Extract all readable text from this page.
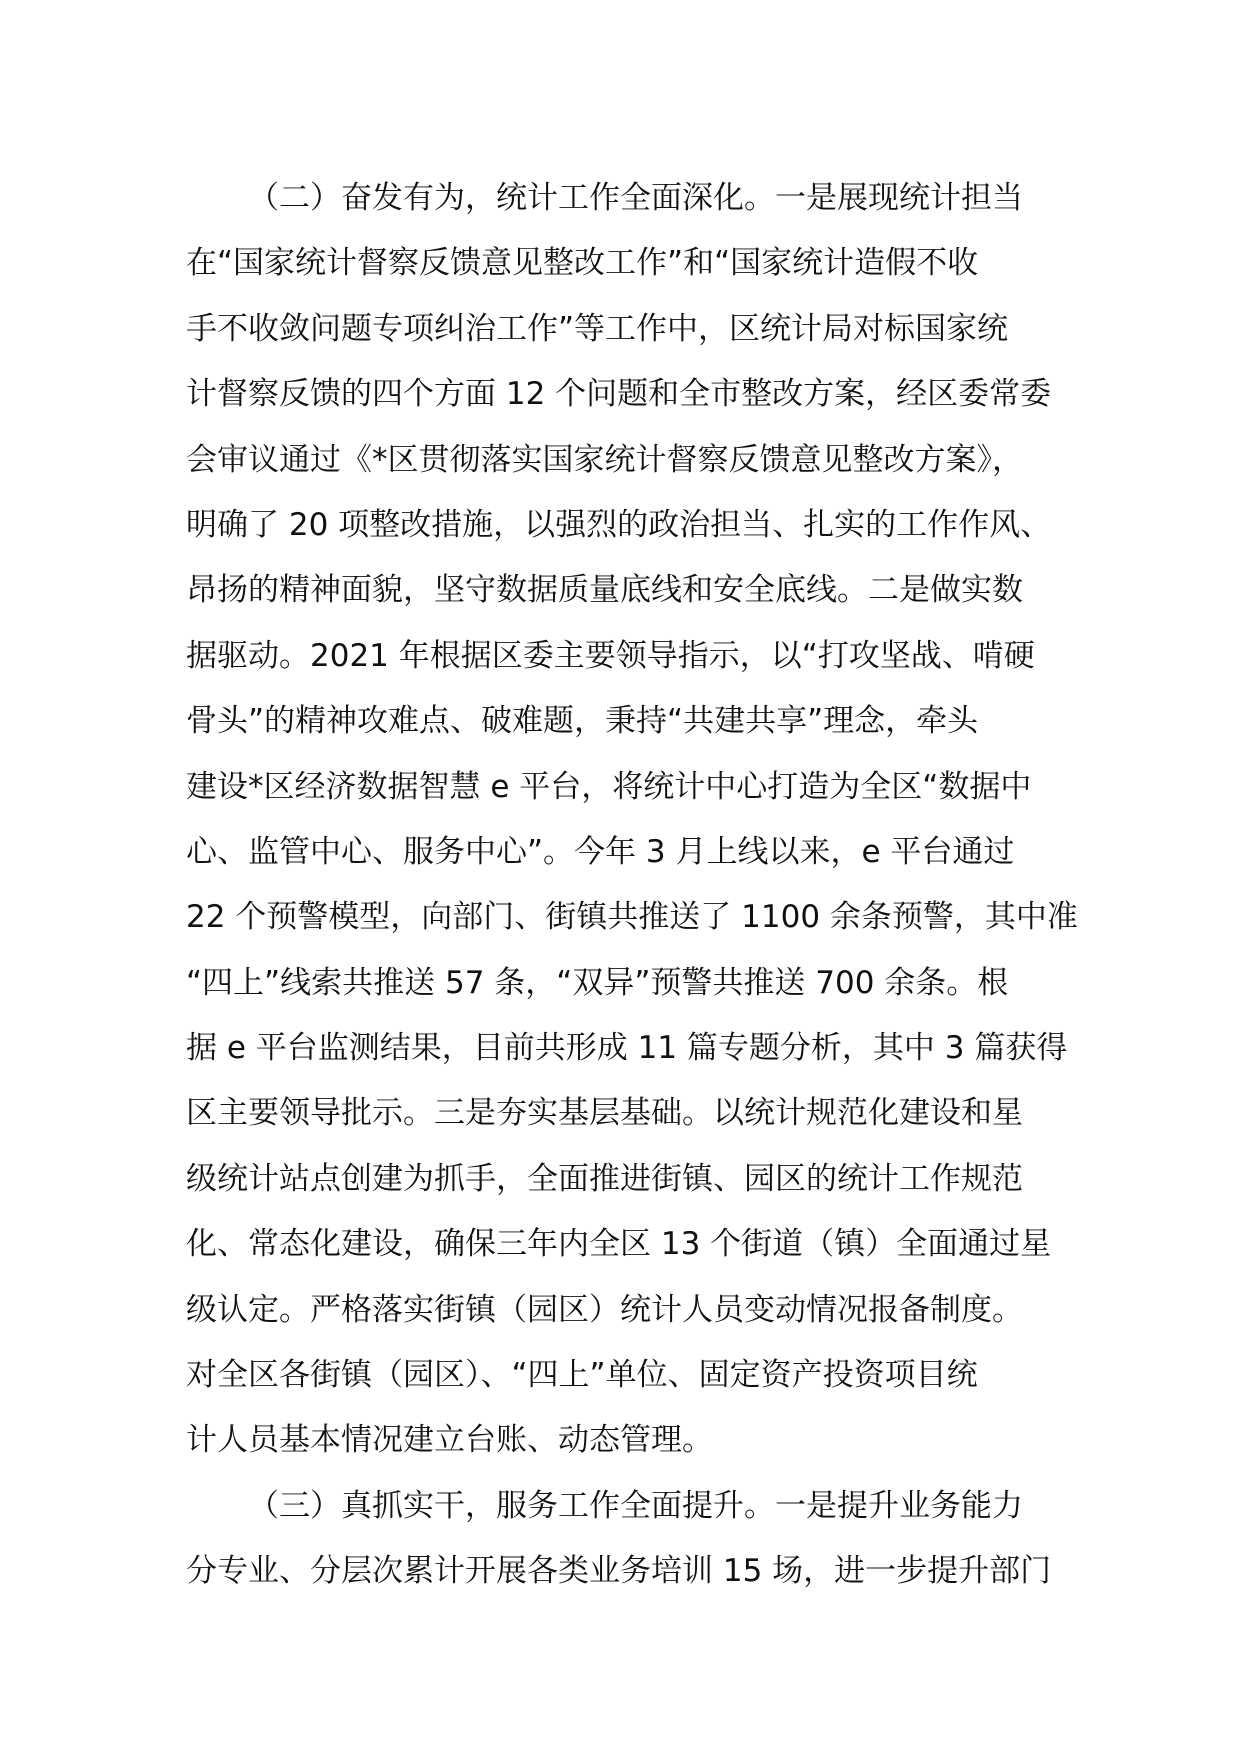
（二）奋发有为，统计工作全面深化。一是展现统计担当
在“国家统计督察反馈意见整改工作”和“国家统计造假不收
手不收敛问题专项纠治工作”等工作中，区统计局对标国家统
计督察反馈的四个方面 12 个问题和全市整改方案，经区委常委
会审议通过《*区贯彻落实国家统计督察反馈意见整改方案》，
明确了 20 项整改措施，以强烈的政治担当、扎实的工作作风、
昂扬的精神面貌，坚守数据质量底线和安全底线。二是做实数
据驱动。2021 年根据区委主要领导指示，以“打攻坚战、啃硬
骨头”的精神攻难点、破难题，秉持“共建共享”理念，牵头
建设*区经济数据智慧 e 平台，将统计中心打造为全区“数据中
心、监管中心、服务中心”。今年 3 月上线以来，e 平台通过
22 个预警模型，向部门、街镇共推送了 1100 余条预警，其中准
“四上”线索共推送 57 条，“双异”预警共推送 700 余条。根
据 e 平台监测结果，目前共形成 11 篇专题分析，其中 3 篇获得
区主要领导批示。三是夯实基层基础。以统计规范化建设和星
级统计站点创建为抓手，全面推进街镇、园区的统计工作规范
化、常态化建设，确保三年内全区 13 个街道（镇）全面通过星
级认定。严格落实街镇（园区）统计人员变动情况报备制度。
对全区各街镇（园区）、“四上”单位、固定资产投资项目统
计人员基本情况建立台账、动态管理。
（三）真抓实干，服务工作全面提升。一是提升业务能力
分专业、分层次累计开展各类业务培训 15 场，进一步提升部门
